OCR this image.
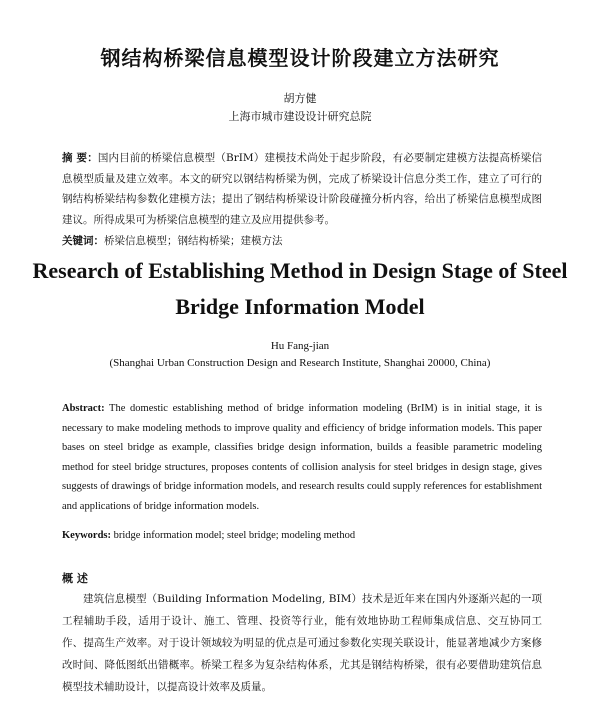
钢结构桥梁信息模型设计阶段建立方法研究
胡方健
上海市城市建设设计研究总院
摘 要：国内目前的桥梁信息模型（BrIM）建模技术尚处于起步阶段，有必要制定建模方法提高桥梁信息模型质量及建立效率。本文的研究以钢结构桥梁为例，完成了桥梁设计信息分类工作，建立了可行的钢结构桥梁结构参数化建模方法；提出了钢结构桥梁设计阶段碰撞分析内容，给出了桥梁信息模型成图建议。所得成果可为桥梁信息模型的建立及应用提供参考。
关键词：桥梁信息模型；钢结构桥梁；建模方法
Research of Establishing Method in Design Stage of Steel
Bridge Information Model
Hu Fang-jian
(Shanghai Urban Construction Design and Research Institute, Shanghai 20000, China)
Abstract: The domestic establishing method of bridge information modeling (BrIM) is in initial stage, it is necessary to make modeling methods to improve quality and efficiency of bridge information models. This paper bases on steel bridge as example, classifies bridge design information, builds a feasible parametric modeling method for steel bridge structures, proposes contents of collision analysis for steel bridges in design stage, gives suggests of drawings of bridge information models, and research results could supply references for establishment and applications of bridge information models.
Keywords: bridge information model; steel bridge; modeling method
概 述
建筑信息模型（Building Information Modeling, BIM）技术是近年来在国内外逐渐兴起的一项工程辅助手段，适用于设计、施工、管理、投资等行业，能有效地协助工程师集成信息、交互协同工作、提高生产效率。对于设计领域较为明显的优点是可通过参数化实现关联设计，能显著地减少方案修改时间、降低图纸出错概率。桥梁工程多为复杂结构体系，尤其是钢结构桥梁，很有必要借助建筑信息模型技术辅助设计，以提高设计效率及质量。
